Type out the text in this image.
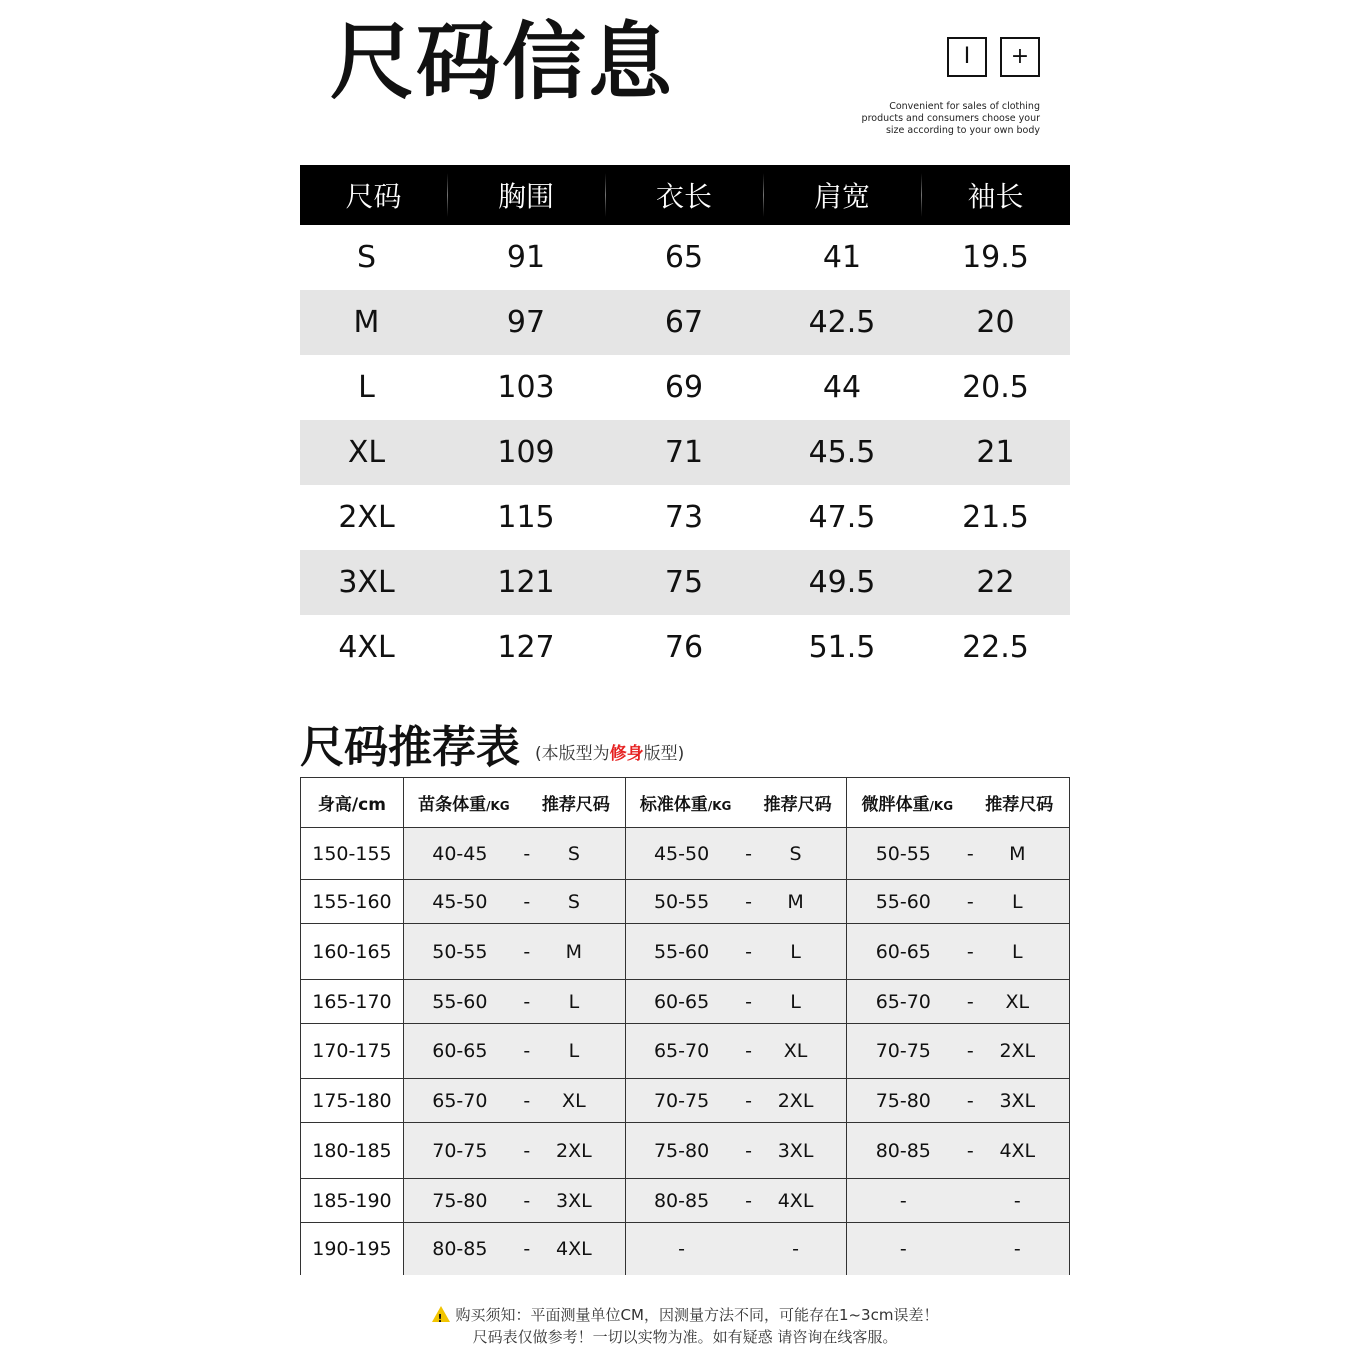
尺码信息	I	+
Convenient for sales of clothing
products and consumers choose your
size according to your own body
尺码	胸围	衣长	肩宽	袖长
S	91	65	41	19.5
M	97	67	42.5	20
L	103	69	44	20.5
XL	109	71	45.5	21
2XL	115	73	47.5	21.5
3XL	121	75	49.5	22
4XL	127	76	51.5	22.5
尺码推荐表 (本版型为修身版型)
身高/cm	苗条体重/KG	推荐尺码	标准体重/KG	推荐尺码	微胖体重/KG	推荐尺码
150-155	40-45	-	S	45-50	-	S	50-55	-	M
155-160	45-50	-	S	50-55	-	M	55-60	-	L
160-165	50-55	-	M	55-60	-	L	60-65	-	L
165-170	55-60	-	L	60-65	-	L	65-70	-	XL
170-175	60-65	-	L	65-70	-	XL	70-75	-	2XL
175-180	65-70	-	XL	70-75	-	2XL	75-80	-	3XL
180-185	70-75	-	2XL	75-80	-	3XL	80-85	-	4XL
185-190	75-80	-	3XL	80-85	-	4XL	-	-
190-195	80-85	-	4XL	-	-	-	-
!购买须知：平面测量单位CM，因测量方法不同，可能存在1~3cm误差！
尺码表仅做参考！一切以实物为准。如有疑惑 请咨询在线客服。
